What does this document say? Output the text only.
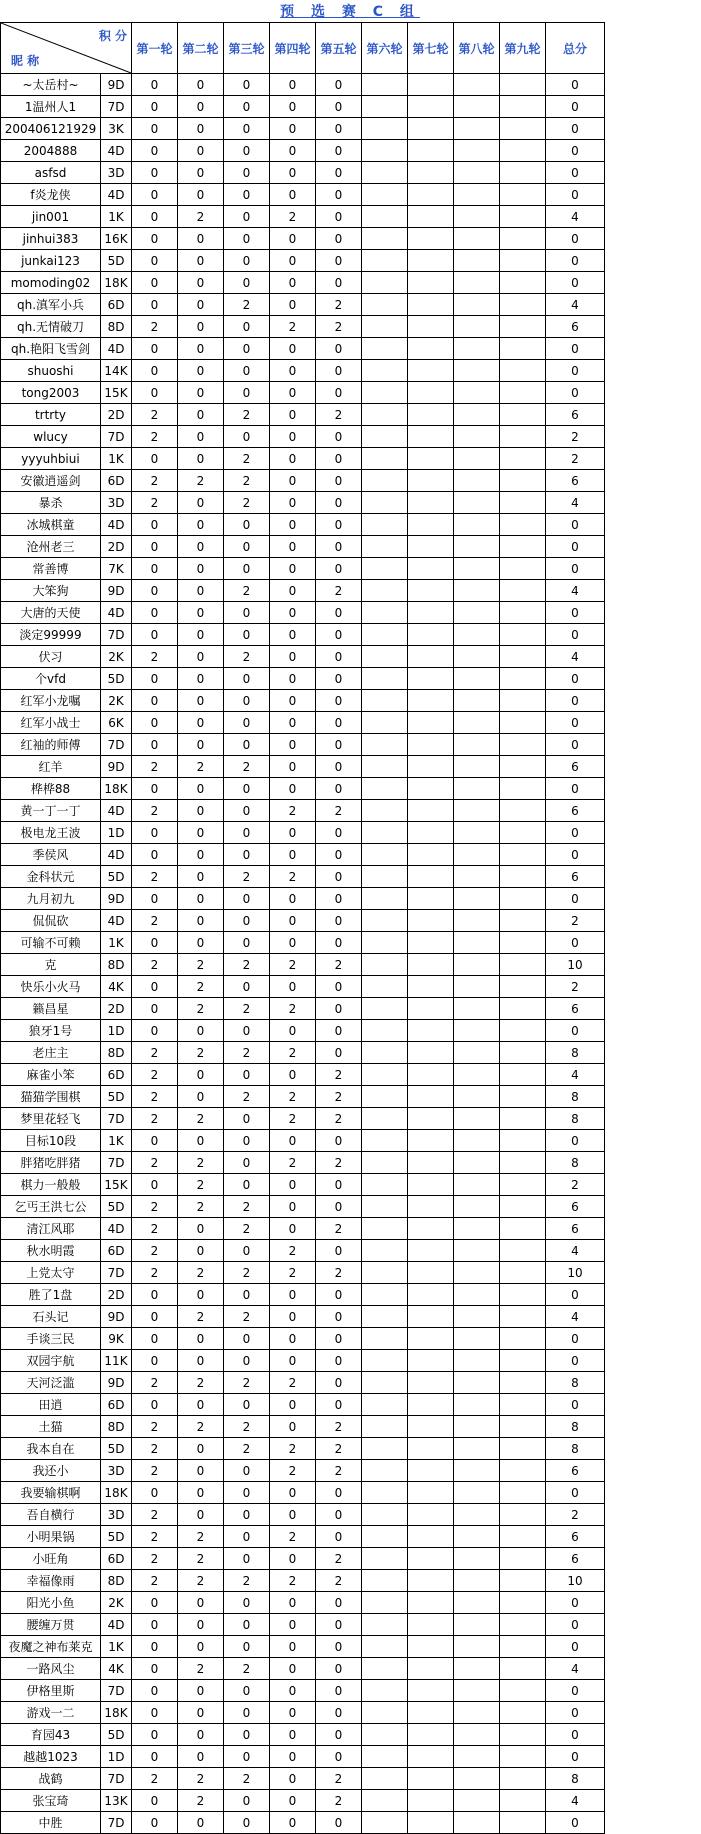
预 选 赛 C 组
积 分
昵 称		第一轮	第二轮	第三轮	第四轮	第五轮	第六轮	第七轮	第八轮	第九轮	总分
~太岳村~	9D	0	0	0	0	0					0
1温州人1	7D	0	0	0	0	0					0
200406121929	3K	0	0	0	0	0					0
2004888	4D	0	0	0	0	0					0
asfsd	3D	0	0	0	0	0					0
f炎龙侠	4D	0	0	0	0	0					0
jin001	1K	0	2	0	2	0					4
jinhui383	16K	0	0	0	0	0					0
junkai123	5D	0	0	0	0	0					0
momoding02	18K	0	0	0	0	0					0
qh.滇军小兵	6D	0	0	2	0	2					4
qh.无情破刀	8D	2	0	0	2	2					6
qh.艳阳飞雪剑	4D	0	0	0	0	0					0
shuoshi	14K	0	0	0	0	0					0
tong2003	15K	0	0	0	0	0					0
trtrty	2D	2	0	2	0	2					6
wlucy	7D	2	0	0	0	0					2
yyyuhbiui	1K	0	0	2	0	0					2
安徽逍遥剑	6D	2	2	2	0	0					6
暴杀	3D	2	0	2	0	0					4
冰城棋童	4D	0	0	0	0	0					0
沧州老三	2D	0	0	0	0	0					0
常善博	7K	0	0	0	0	0					0
大笨狗	9D	0	0	2	0	2					4
大唐的天使	4D	0	0	0	0	0					0
淡定99999	7D	0	0	0	0	0					0
伏习	2K	2	0	2	0	0					4
个vfd	5D	0	0	0	0	0					0
红军小龙嘱	2K	0	0	0	0	0					0
红军小战士	6K	0	0	0	0	0					0
红袖的师傅	7D	0	0	0	0	0					0
红羊	9D	2	2	2	0	0					6
桦桦88	18K	0	0	0	0	0					0
黄一丁一丁	4D	2	0	0	2	2					6
极电龙王波	1D	0	0	0	0	0					0
季侯风	4D	0	0	0	0	0					0
金科状元	5D	2	0	2	2	0					6
九月初九	9D	0	0	0	0	0					0
侃侃砍	4D	2	0	0	0	0					2
可输不可赖	1K	0	0	0	0	0					0
克	8D	2	2	2	2	2					10
快乐小火马	4K	0	2	0	0	0					2
籁昌星	2D	0	2	2	2	0					6
狼牙1号	1D	0	0	0	0	0					0
老庄主	8D	2	2	2	2	0					8
麻雀小笨	6D	2	0	0	0	2					4
猫猫学围棋	5D	2	0	2	2	2					8
梦里花轻飞	7D	2	2	0	2	2					8
目标10段	1K	0	0	0	0	0					0
胖猪吃胖猪	7D	2	2	0	2	2					8
棋力一般般	15K	0	2	0	0	0					2
乞丐王洪七公	5D	2	2	2	0	0					6
清江风耶	4D	2	0	2	0	2					6
秋水明霞	6D	2	0	0	2	0					4
上党太守	7D	2	2	2	2	2					10
胜了1盘	2D	0	0	0	0	0					0
石头记	9D	0	2	2	0	0					4
手谈三民	9K	0	0	0	0	0					0
双园宇航	11K	0	0	0	0	0					0
天河泛滥	9D	2	2	2	2	0					8
田逍	6D	0	0	0	0	0					0
土猫	8D	2	2	2	0	2					8
我本自在	5D	2	0	2	2	2					8
我还小	3D	2	0	0	2	2					6
我要输棋啊	18K	0	0	0	0	0					0
吾自横行	3D	2	0	0	0	0					2
小明果锅	5D	2	2	0	2	0					6
小旺角	6D	2	2	0	0	2					6
幸福像雨	8D	2	2	2	2	2					10
阳光小鱼	2K	0	0	0	0	0					0
腰缠万贯	4D	0	0	0	0	0					0
夜魔之神布莱克	1K	0	0	0	0	0					0
一路风尘	4K	0	2	2	0	0					4
伊格里斯	7D	0	0	0	0	0					0
游戏一二	18K	0	0	0	0	0					0
育园43	5D	0	0	0	0	0					0
越越1023	1D	0	0	0	0	0					0
战鹤	7D	2	2	2	0	2					8
张宝琦	13K	0	2	0	0	2					4
中胜	7D	0	0	0	0	0					0
